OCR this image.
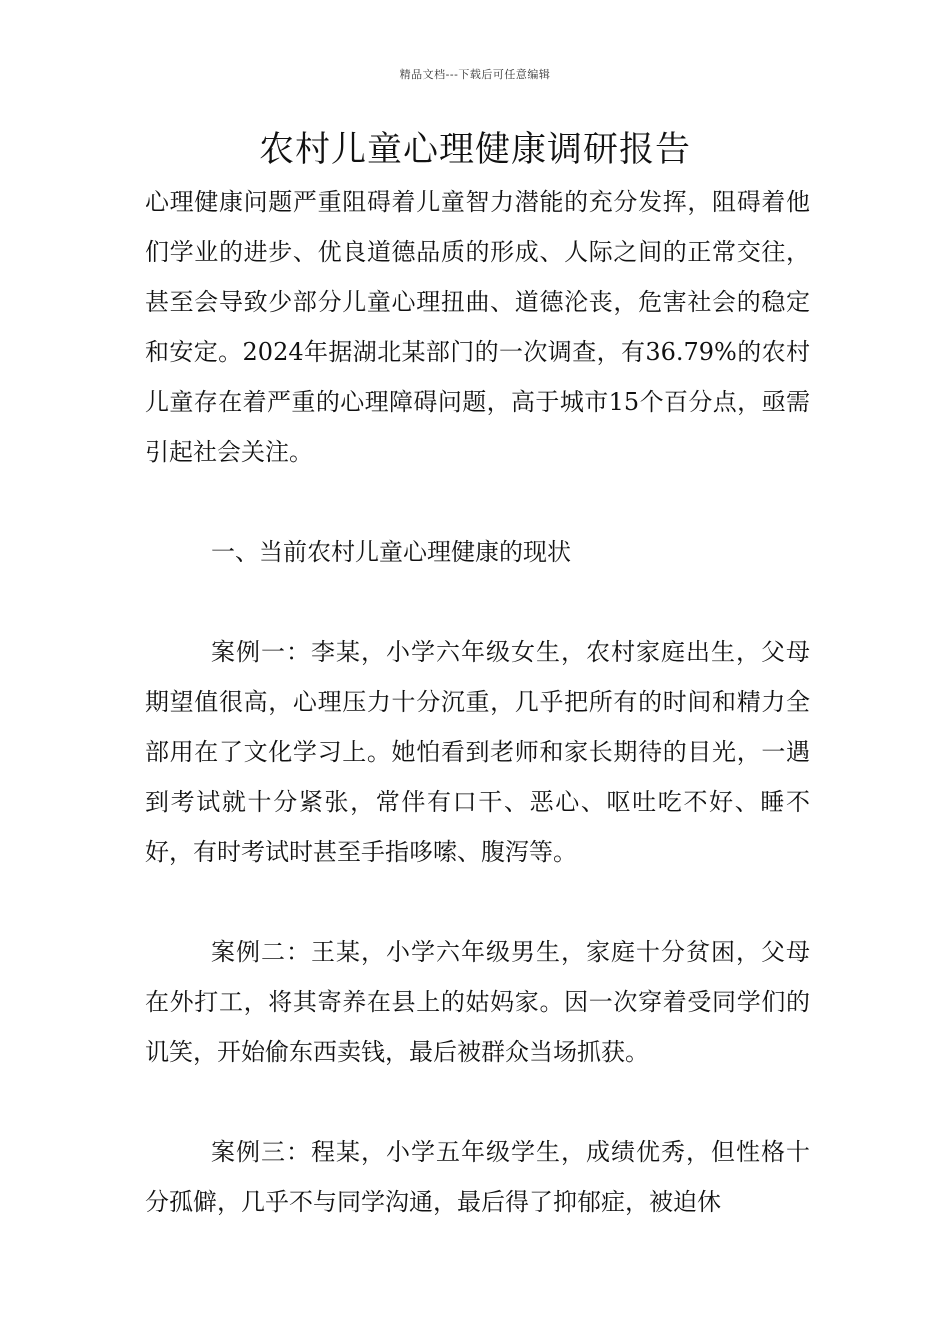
精品文档---下载后可任意编辑
农村儿童心理健康调研报告

心理健康问题严重阻碍着儿童智力潜能的充分发挥，阻碍着他们学业的进步、优良道德品质的形成、人际之间的正常交往，甚至会导致少部分儿童心理扭曲、道德沦丧，危害社会的稳定和安定。2024年据湖北某部门的一次调查，有36.79%的农村儿童存在着严重的心理障碍问题，高于城市15个百分点，亟需引起社会关注。

一、当前农村儿童心理健康的现状

案例一：李某，小学六年级女生，农村家庭出生，父母期望值很高，心理压力十分沉重，几乎把所有的时间和精力全部用在了文化学习上。她怕看到老师和家长期待的目光，一遇到考试就十分紧张，常伴有口干、恶心、呕吐吃不好、睡不好，有时考试时甚至手指哆嗦、腹泻等。

案例二：王某，小学六年级男生，家庭十分贫困，父母在外打工，将其寄养在县上的姑妈家。因一次穿着受同学们的讥笑，开始偷东西卖钱，最后被群众当场抓获。

案例三：程某，小学五年级学生，成绩优秀，但性格十分孤僻，几乎不与同学沟通，最后得了抑郁症，被迫休
